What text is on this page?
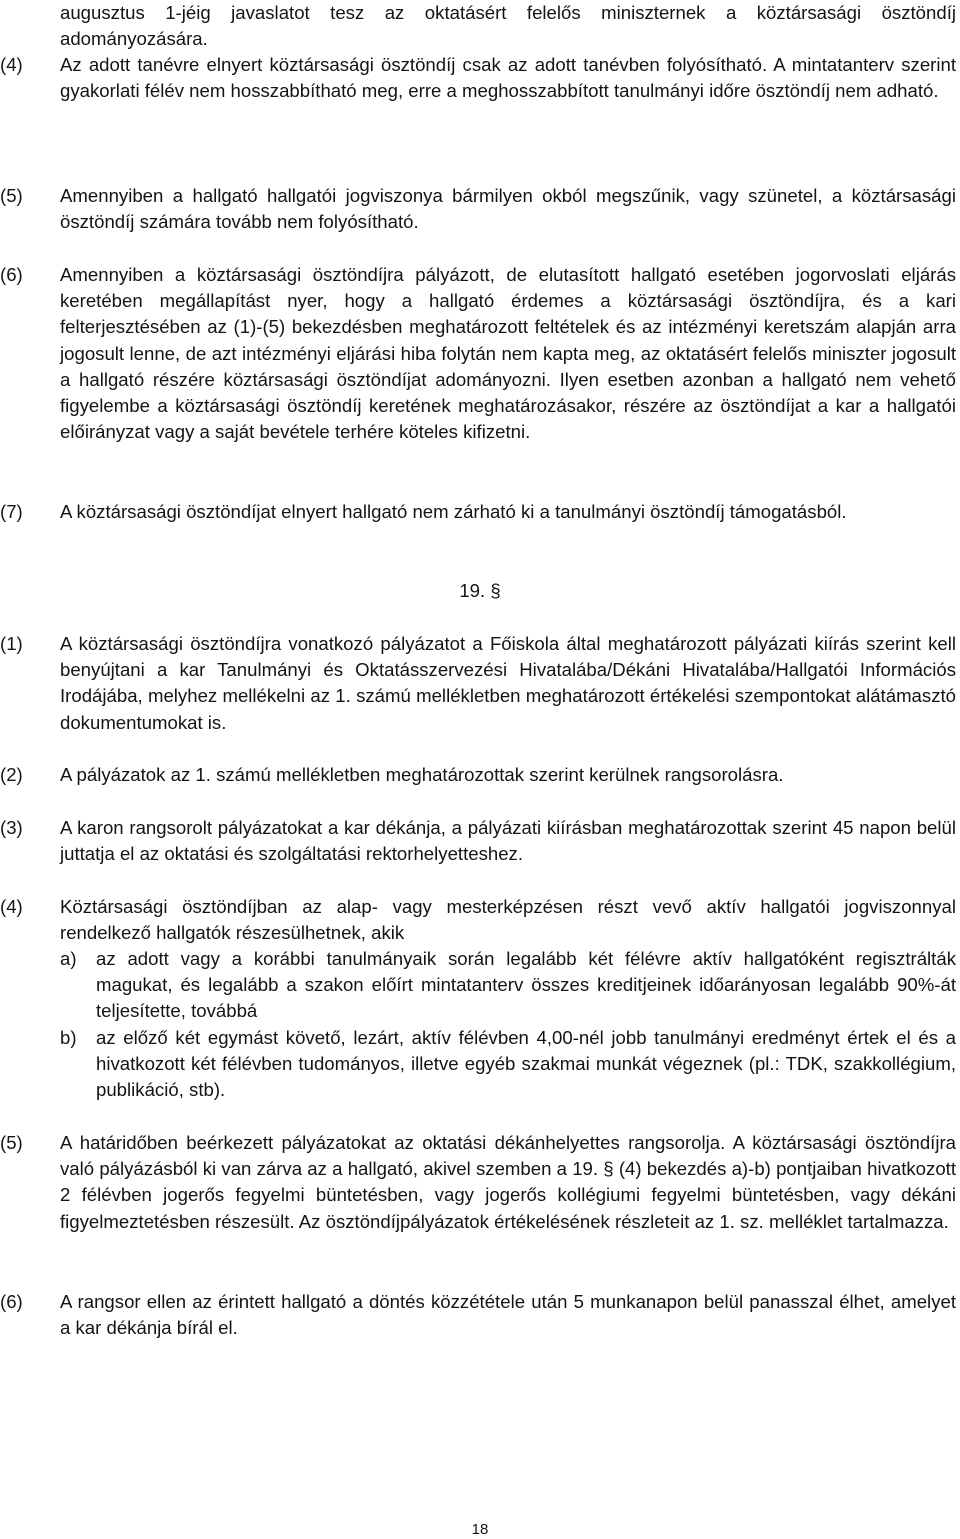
augusztus 1-jéig javaslatot tesz az oktatásért felelős miniszternek a köztársasági ösztöndíj adományozására.

(4) Az adott tanévre elnyert köztársasági ösztöndíj csak az adott tanévben folyósítható. A mintatanterv szerint gyakorlati félév nem hosszabbítható meg, erre a meghosszabbított tanulmányi időre ösztöndíj nem adható.

(5) Amennyiben a hallgató hallgatói jogviszonya bármilyen okból megszűnik, vagy szünetel, a köztársasági ösztöndíj számára tovább nem folyósítható.

(6) Amennyiben a köztársasági ösztöndíjra pályázott, de elutasított hallgató esetében jogorvoslati eljárás keretében megállapítást nyer, hogy a hallgató érdemes a köztársasági ösztöndíjra, és a kari felterjesztésében az (1)-(5) bekezdésben meghatározott feltételek és az intézményi keretszám alapján arra jogosult lenne, de azt intézményi eljárási hiba folytán nem kapta meg, az oktatásért felelős miniszter jogosult a hallgató részére köztársasági ösztöndíjat adományozni. Ilyen esetben azonban a hallgató nem vehető figyelembe a köztársasági ösztöndíj keretének meghatározásakor, részére az ösztöndíjat a kar a hallgatói előirányzat vagy a saját bevétele terhére köteles kifizetni.

(7) A köztársasági ösztöndíjat elnyert hallgató nem zárható ki a tanulmányi ösztöndíj támogatásból.

19. §
(1) A köztársasági ösztöndíjra vonatkozó pályázatot a Főiskola által meghatározott pályázati kiírás szerint kell benyújtani a kar Tanulmányi és Oktatásszervezési Hivatalába/Dékáni Hivatalába/Hallgatói Információs Irodájába, melyhez mellékelni az 1. számú mellékletben meghatározott értékelési szempontokat alátámasztó dokumentumokat is.

(2) A pályázatok az 1. számú mellékletben meghatározottak szerint kerülnek rangsorolásra.

(3) A karon rangsorolt pályázatokat a kar dékánja, a pályázati kiírásban meghatározottak szerint 45 napon belül juttatja el az oktatási és szolgáltatási rektorhelyetteshez.

(4) Köztársasági ösztöndíjban az alap- vagy mesterképzésen részt vevő aktív hallgatói jogviszonnyal rendelkező hallgatók részesülhetnek, akik

a) az adott vagy a korábbi tanulmányaik során legalább két félévre aktív hallgatóként regisztrálták magukat, és legalább a szakon előírt mintatanterv összes kreditjeinek időarányosan legalább 90%-át teljesítette, továbbá

b) az előző két egymást követő, lezárt, aktív félévben 4,00-nél jobb tanulmányi eredményt értek el és a hivatkozott két félévben tudományos, illetve egyéb szakmai munkát végeznek (pl.: TDK, szakkollégium, publikáció, stb).

(5) A határidőben beérkezett pályázatokat az oktatási dékánhelyettes rangsorolja. A köztársasági ösztöndíjra való pályázásból ki van zárva az a hallgató, akivel szemben a 19. § (4) bekezdés a)-b) pontjaiban hivatkozott 2 félévben jogerős fegyelmi büntetésben, vagy jogerős kollégiumi fegyelmi büntetésben, vagy dékáni figyelmeztetésben részesült. Az ösztöndíjpályázatok értékelésének részleteit az 1. sz. melléklet tartalmazza.

(6) A rangsor ellen az érintett hallgató a döntés közzététele után 5 munkanapon belül panasszal élhet, amelyet a kar dékánja bírál el.

18
